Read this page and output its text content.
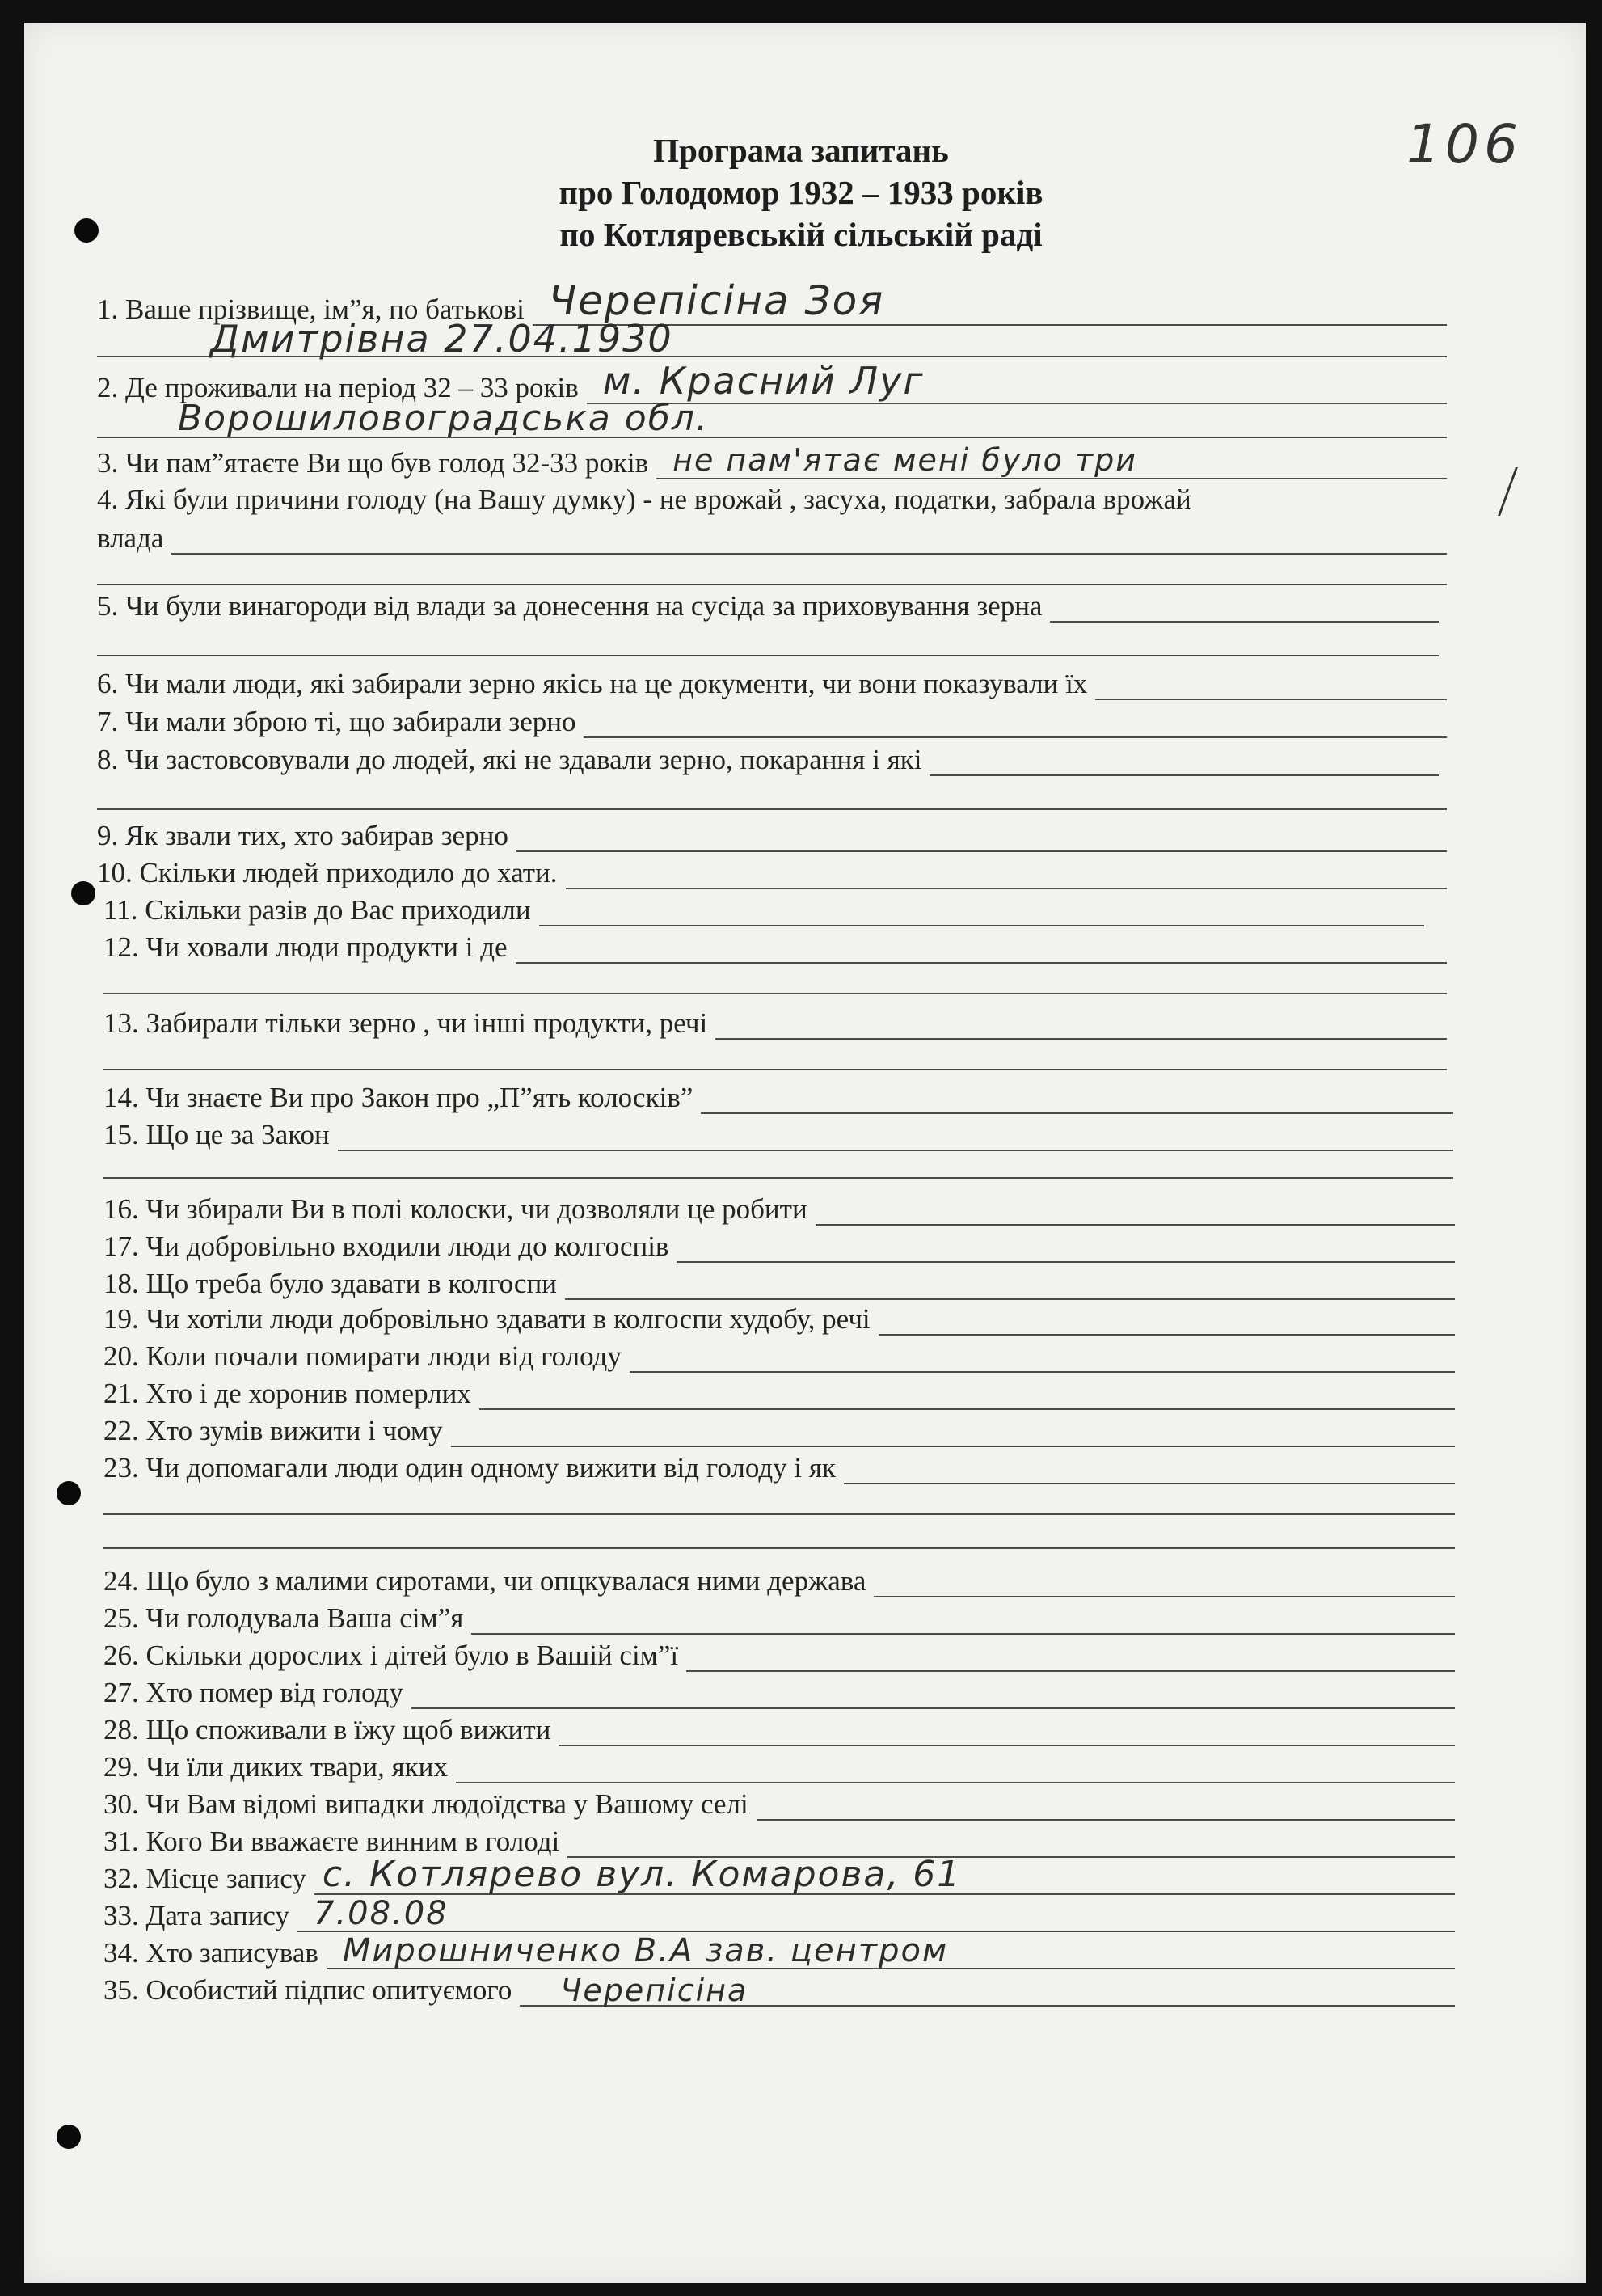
106
Програма запитань
про Голодомор 1932 – 1933 років
по Котляревській сільській раді
1. Ваше прізвище, ім”я, по батькові Черепісіна Зоя
Дмитрівна 27.04.1930
2. Де проживали на період 32 – 33 років м. Красний Луг
Ворошиловоградська обл.
3. Чи пам”ятаєте Ви що був голод 32-33 років не пам'ятає мені було три
4. Які були причини голоду (на Вашу думку) - не врожай , засуха, податки, забрала врожай
влада
5. Чи були винагороди від влади за донесення на сусіда за приховування зерна
6. Чи мали люди, які забирали зерно якісь на це документи, чи вони показували їх
7. Чи мали зброю ті, що забирали зерно
8. Чи застовсовували до людей, які не здавали зерно, покарання і які
9. Як звали тих, хто забирав зерно
10. Скільки людей приходило до хати.
11. Скільки разів до Вас приходили
12. Чи ховали люди продукти і де
13. Забирали тільки зерно , чи інші продукти, речі
14. Чи знаєте Ви про Закон про „П”ять колосків”
15. Що це за Закон
16. Чи збирали Ви в полі колоски, чи дозволяли це робити
17. Чи добровільно входили люди до колгоспів
18. Що треба було здавати в колгоспи
19. Чи хотіли люди добровільно здавати в колгоспи худобу, речі
20. Коли почали помирати люди від голоду
21. Хто і де хоронив померлих
22. Хто зумів вижити і чому
23. Чи допомагали люди один одному вижити від голоду і як
24. Що було з малими сиротами, чи опцкувалася ними держава
25. Чи голодувала Ваша сім”я
26. Скільки дорослих і дітей було в Вашій сім”ї
27. Хто помер від голоду
28. Що споживали в їжу щоб вижити
29. Чи їли диких твари, яких
30. Чи Вам відомі випадки людоїдства у Вашому селі
31. Кого Ви вважаєте винним в голоді
32. Місце запису с. Котлярево вул. Комарова, 61
33. Дата запису 7.08.08
34. Хто записував Мирошниченко В.А зав. центром
35. Особистий підпис опитуємого Черепісіна
